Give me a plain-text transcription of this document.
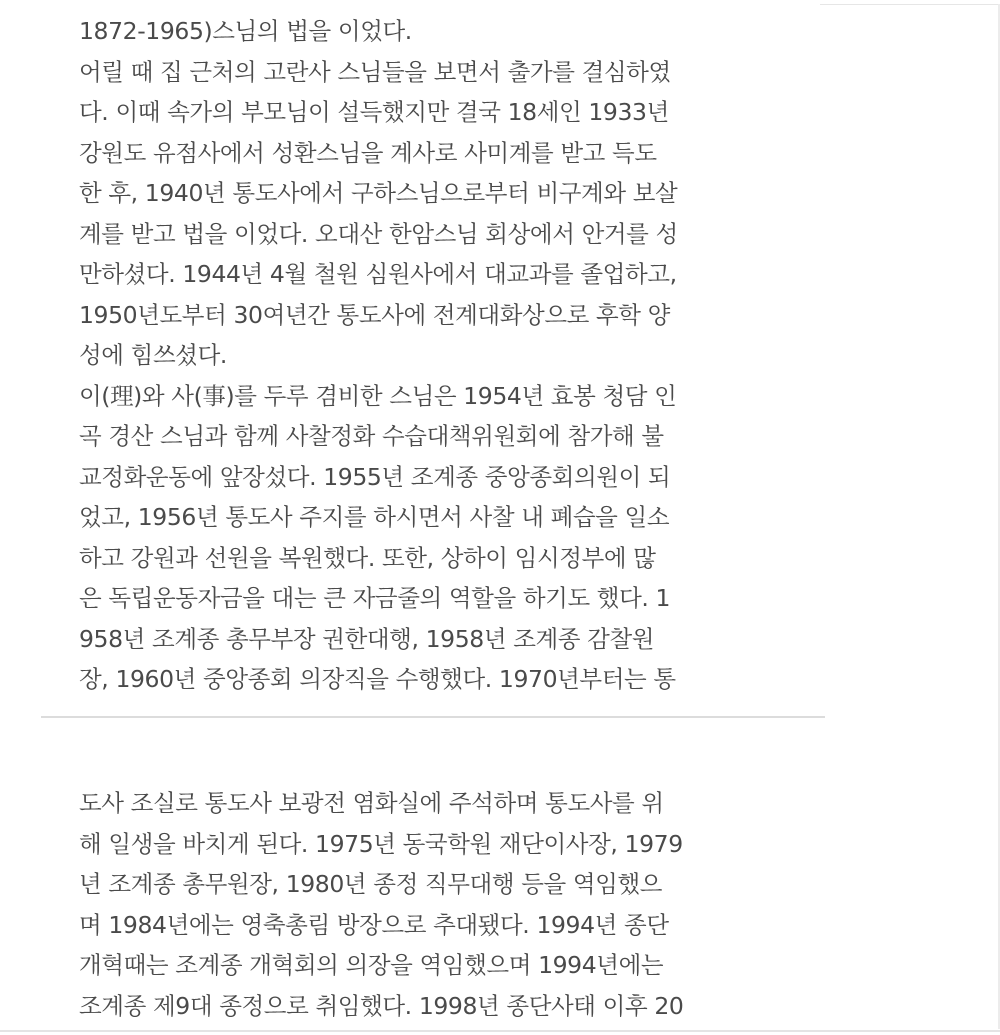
1872-1965)스님의 법을 이었다.
어릴 때 집 근처의 고란사 스님들을 보면서 출가를 결심하였
다. 이때 속가의 부모님이 설득했지만 결국 18세인 1933년
강원도 유점사에서 성환스님을 계사로 사미계를 받고 득도
한 후, 1940년 통도사에서 구하스님으로부터 비구계와 보살
계를 받고 법을 이었다. 오대산 한암스님 회상에서 안거를 성
만하셨다. 1944년 4월 철원 심원사에서 대교과를 졸업하고,
1950년도부터 30여년간 통도사에 전계대화상으로 후학 양
성에 힘쓰셨다.
이(理)와 사(事)를 두루 겸비한 스님은 1954년 효봉 청담 인
곡 경산 스님과 함께 사찰정화 수습대책위원회에 참가해 불
교정화운동에 앞장섰다. 1955년 조계종 중앙종회의원이 되
었고, 1956년 통도사 주지를 하시면서 사찰 내 폐습을 일소
하고 강원과 선원을 복원했다. 또한, 상하이 임시정부에 많
은 독립운동자금을 대는 큰 자금줄의 역할을 하기도 했다. 1
958년 조계종 총무부장 권한대행, 1958년 조계종 감찰원
장, 1960년 중앙종회 의장직을 수행했다. 1970년부터는 통
도사 조실로 통도사 보광전 염화실에 주석하며 통도사를 위
해 일생을 바치게 된다. 1975년 동국학원 재단이사장, 1979
년 조계종 총무원장, 1980년 종정 직무대행 등을 역임했으
며 1984년에는 영축총림 방장으로 추대됐다. 1994년 종단
개혁때는 조계종 개혁회의 의장을 역임했으며 1994년에는
조계종 제9대 종정으로 취임했다. 1998년 종단사태 이후 20
